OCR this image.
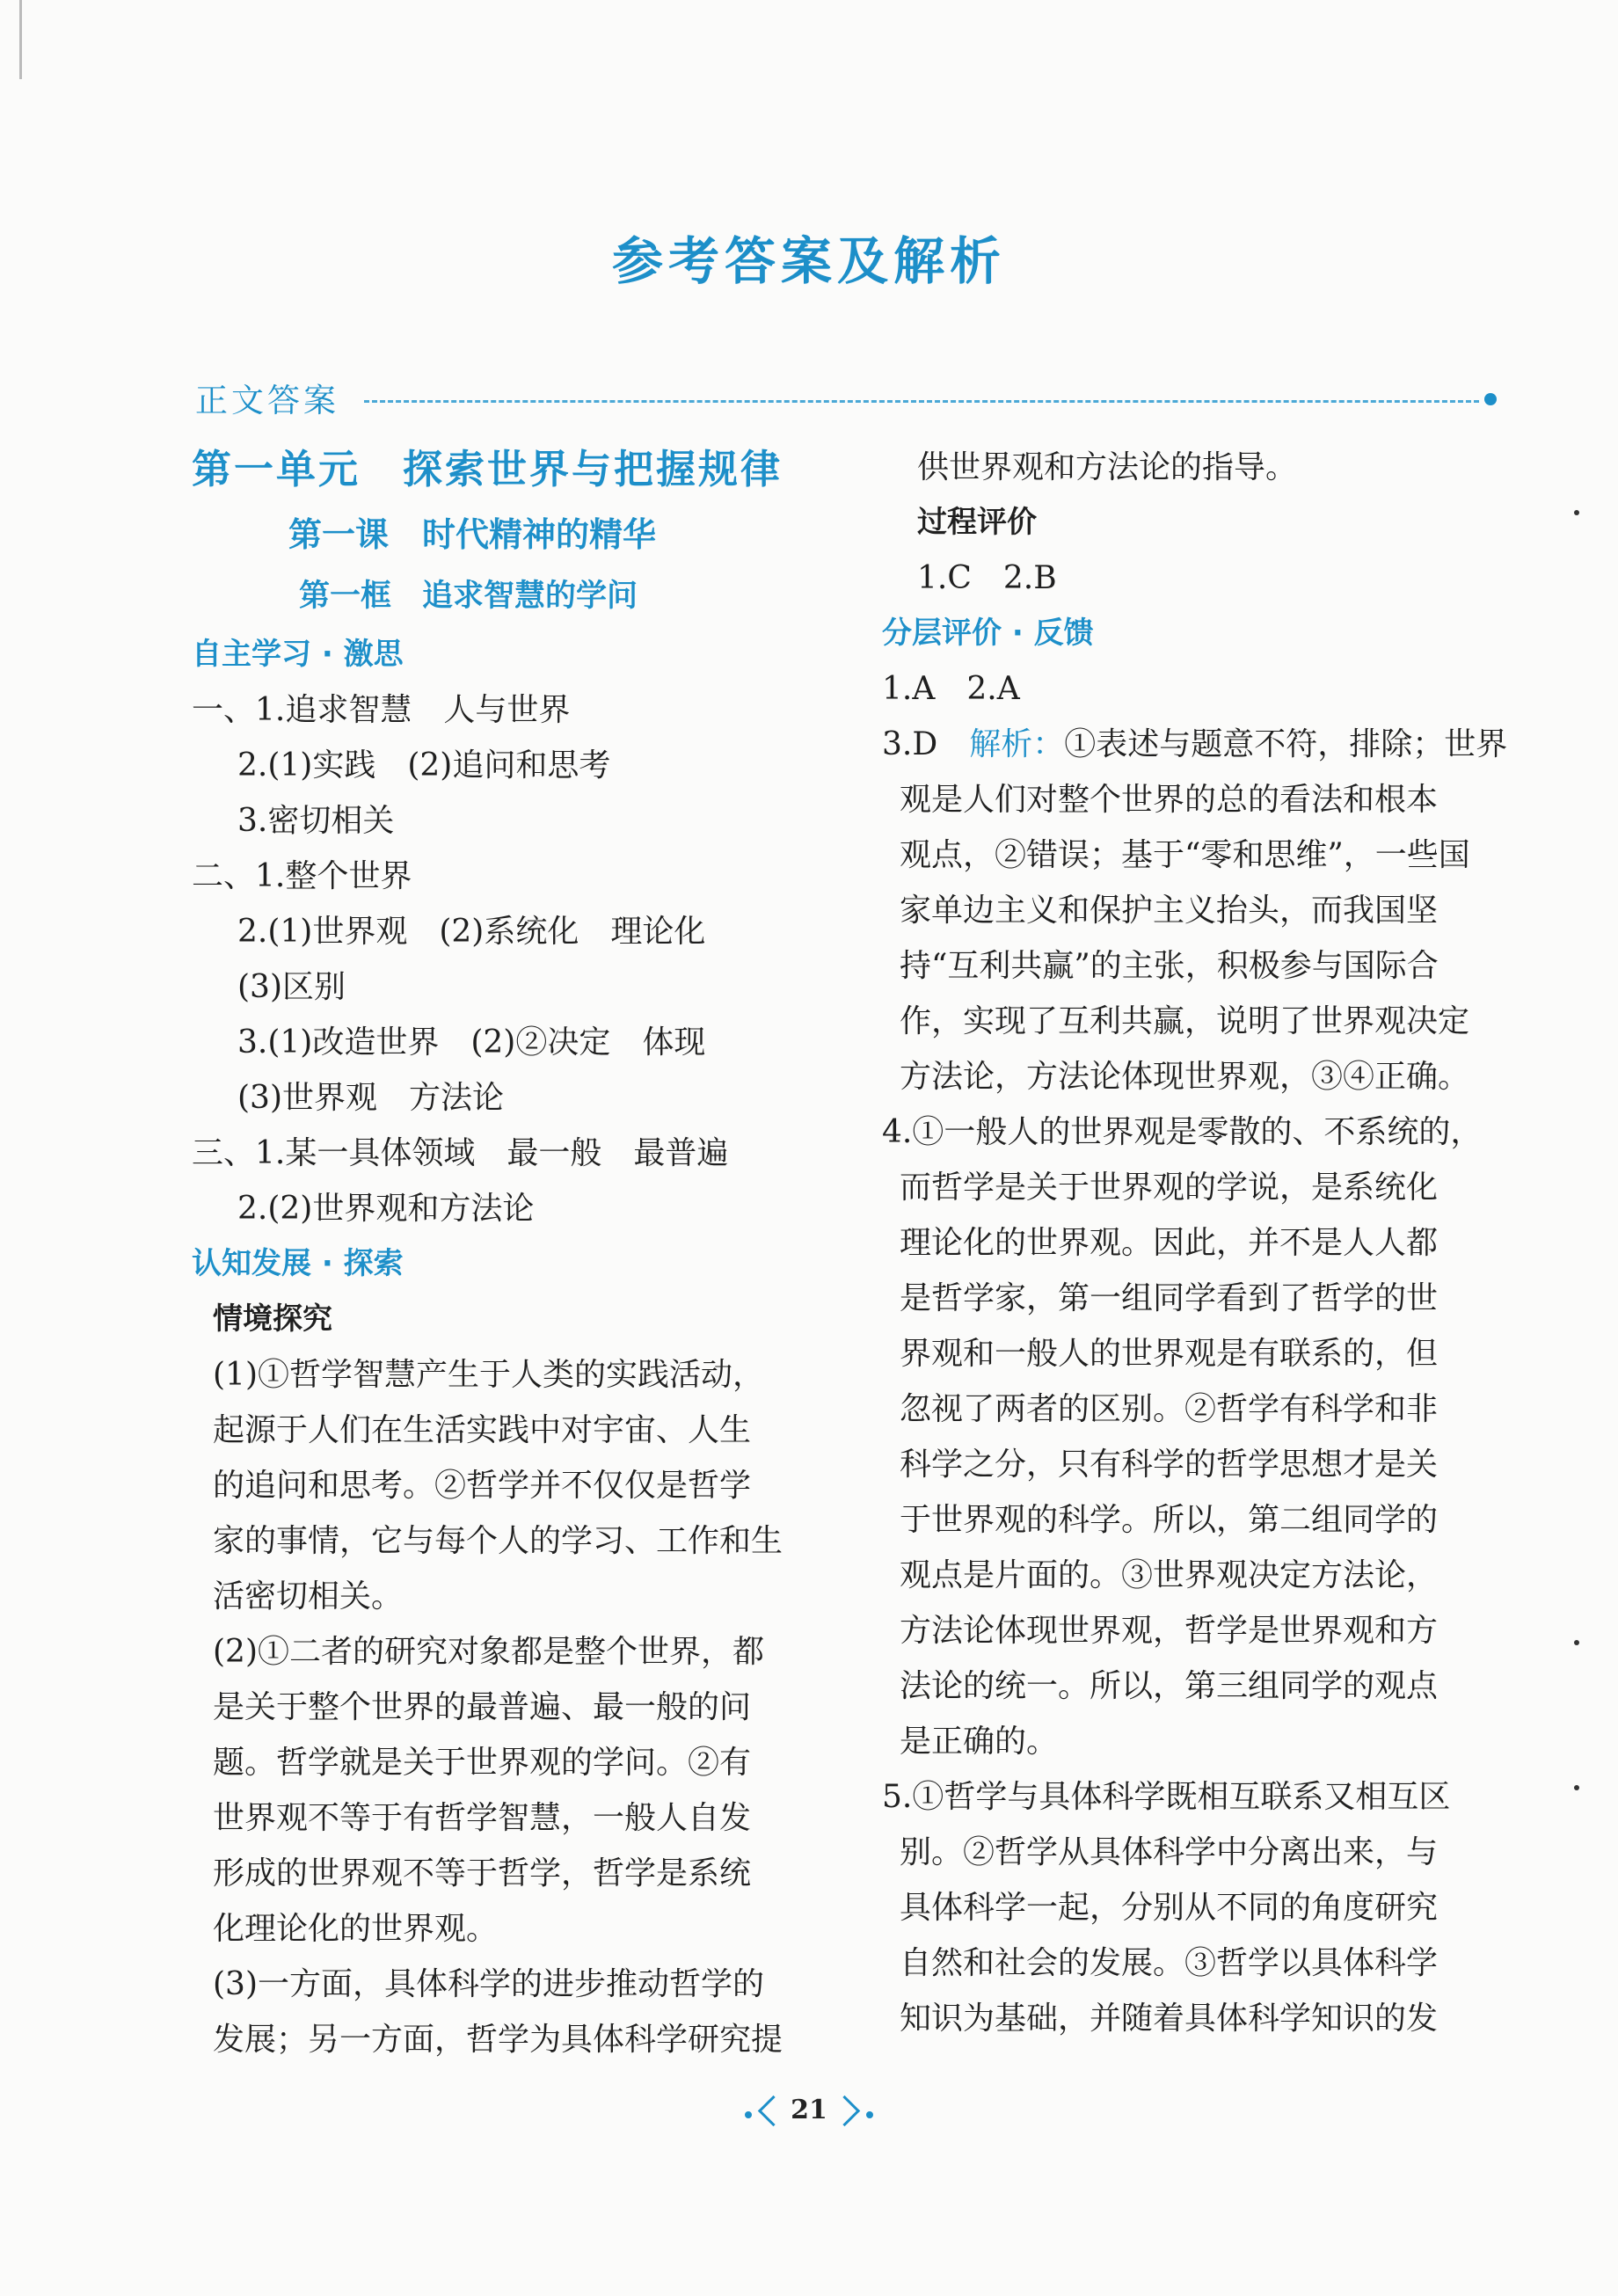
参考答案及解析
正文答案
第一单元　探索世界与把握规律
第一课　时代精神的精华
第一框　追求智慧的学问
自主学习 · 激思
一、1.追求智慧　人与世界
2.(1)实践　(2)追问和思考
3.密切相关
二、1.整个世界
2.(1)世界观　(2)系统化　理论化
(3)区别
3.(1)改造世界　(2)②决定　体现
(3)世界观　方法论
三、1.某一具体领域　最一般　最普遍
2.(2)世界观和方法论
认知发展 · 探索
情境探究
(1)①哲学智慧产生于人类的实践活动，
起源于人们在生活实践中对宇宙、人生
的追问和思考。②哲学并不仅仅是哲学
家的事情，它与每个人的学习、工作和生
活密切相关。
(2)①二者的研究对象都是整个世界，都
是关于整个世界的最普遍、最一般的问
题。哲学就是关于世界观的学问。②有
世界观不等于有哲学智慧，一般人自发
形成的世界观不等于哲学，哲学是系统
化理论化的世界观。
(3)一方面，具体科学的进步推动哲学的
发展；另一方面，哲学为具体科学研究提
供世界观和方法论的指导。
过程评价
1.C　2.B
分层评价 · 反馈
1.A　2.A
3.D　解析：①表述与题意不符，排除；世界
观是人们对整个世界的总的看法和根本
观点，②错误；基于“零和思维”，一些国
家单边主义和保护主义抬头，而我国坚
持“互利共赢”的主张，积极参与国际合
作，实现了互利共赢，说明了世界观决定
方法论，方法论体现世界观，③④正确。
4.①一般人的世界观是零散的、不系统的，
而哲学是关于世界观的学说，是系统化
理论化的世界观。因此，并不是人人都
是哲学家，第一组同学看到了哲学的世
界观和一般人的世界观是有联系的，但
忽视了两者的区别。②哲学有科学和非
科学之分，只有科学的哲学思想才是关
于世界观的科学。所以，第二组同学的
观点是片面的。③世界观决定方法论，
方法论体现世界观，哲学是世界观和方
法论的统一。所以，第三组同学的观点
是正确的。
5.①哲学与具体科学既相互联系又相互区
别。②哲学从具体科学中分离出来，与
具体科学一起，分别从不同的角度研究
自然和社会的发展。③哲学以具体科学
知识为基础，并随着具体科学知识的发
21
